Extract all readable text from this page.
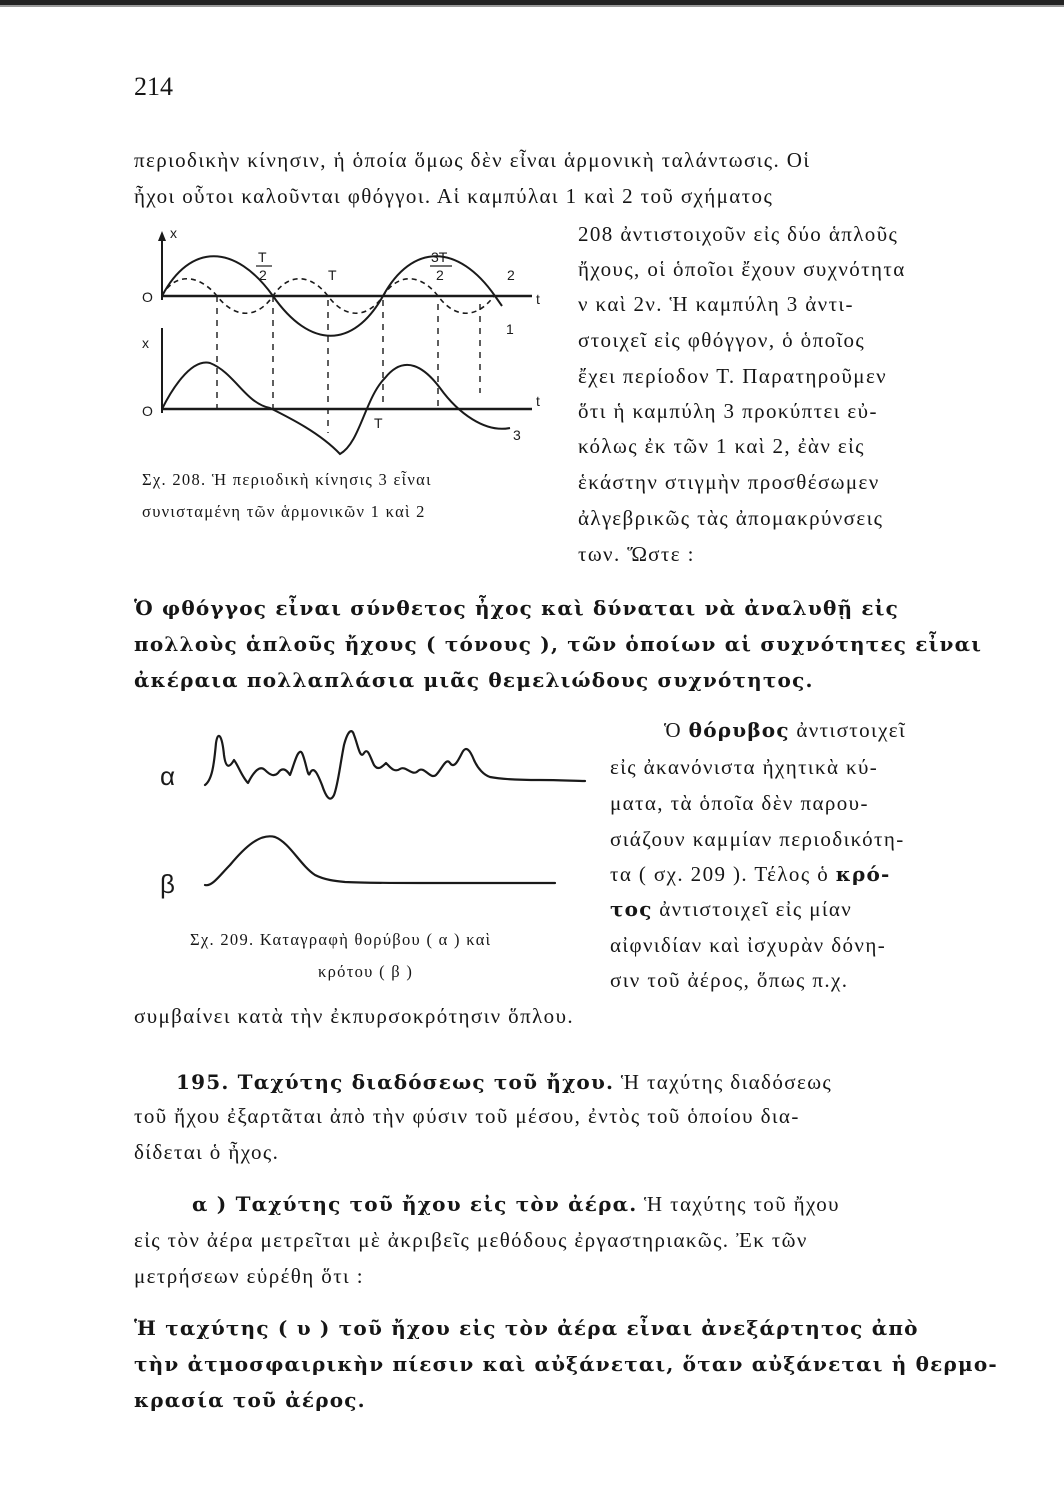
214
περιοδικὴν κίνησιν, ἡ ὁποία ὅμως δὲν εἶναι ἁρμονικὴ ταλάντωσις. Οἱ
ἦχοι οὗτοι καλοῦνται φθόγγοι. Αἱ καμπύλαι 1 καὶ 2 τοῦ σχήματος
208 ἀντιστοιχοῦν εἰς δύο ἁπλοῦς
ἤχους, οἱ ὁποῖοι ἔχουν συχνότητα
ν καὶ 2ν. Ἡ καμπύλη 3 ἀντι-
στοιχεῖ εἰς φθόγγον, ὁ ὁποῖος
ἔχει περίοδον Τ. Παρατηροῦμεν
ὅτι ἡ καμπύλη 3 προκύπτει εὐ-
κόλως ἐκ τῶν 1 καὶ 2, ἐὰν εἰς
ἑκάστην στιγμὴν προσθέσωμεν
ἀλγεβρικῶς τὰς ἀπομακρύνσεις
των. Ὥστε :
x
O
x
O
t
t
T
2	T
3T
2	2
1
3
T
Σχ. 208. Ἡ περιοδικὴ κίνησις 3 εἶναι
συνισταμένη τῶν ἁρμονικῶν 1 καὶ 2
Ὁ φθόγγος εἶναι σύνθετος ἦχος καὶ δύναται νὰ ἀναλυθῇ εἰς
πολλοὺς ἁπλοῦς ἤχους ( τόνους ), τῶν ὁποίων αἱ συχνότητες εἶναι
ἀκέραια πολλαπλάσια μιᾶς θεμελιώδους συχνότητος.
α
β
Σχ. 209. Καταγραφὴ θορύβου ( α ) καὶ
κρότου ( β )
Ὁ θόρυβος ἀντιστοιχεῖ
εἰς ἀκανόνιστα ἠχητικὰ κύ-
ματα, τὰ ὁποῖα δὲν παρου-
σιάζουν καμμίαν περιοδικότη-
τα ( σχ. 209 ). Τέλος ὁ κρό-
τος ἀντιστοιχεῖ εἰς μίαν
αἰφνιδίαν καὶ ἰσχυρὰν δόνη-
σιν τοῦ ἀέρος, ὅπως π.χ.
συμβαίνει κατὰ τὴν ἐκπυρσοκρότησιν ὅπλου.
195. Ταχύτης διαδόσεως τοῦ ἤχου. Ἡ ταχύτης διαδόσεως
τοῦ ἤχου ἐξαρτᾶται ἀπὸ τὴν φύσιν τοῦ μέσου, ἐντὸς τοῦ ὁποίου δια-
δίδεται ὁ ἦχος.
α ) Ταχύτης τοῦ ἤχου εἰς τὸν ἀέρα. Ἡ ταχύτης τοῦ ἤχου
εἰς τὸν ἀέρα μετρεῖται μὲ ἀκριβεῖς μεθόδους ἐργαστηριακῶς. Ἐκ τῶν
μετρήσεων εὑρέθη ὅτι :
Ἡ ταχύτης ( υ ) τοῦ ἤχου εἰς τὸν ἀέρα εἶναι ἀνεξάρτητος ἀπὸ
τὴν ἀτμοσφαιρικὴν πίεσιν καὶ αὐξάνεται, ὅταν αὐξάνεται ἡ θερμο-
κρασία τοῦ ἀέρος.
